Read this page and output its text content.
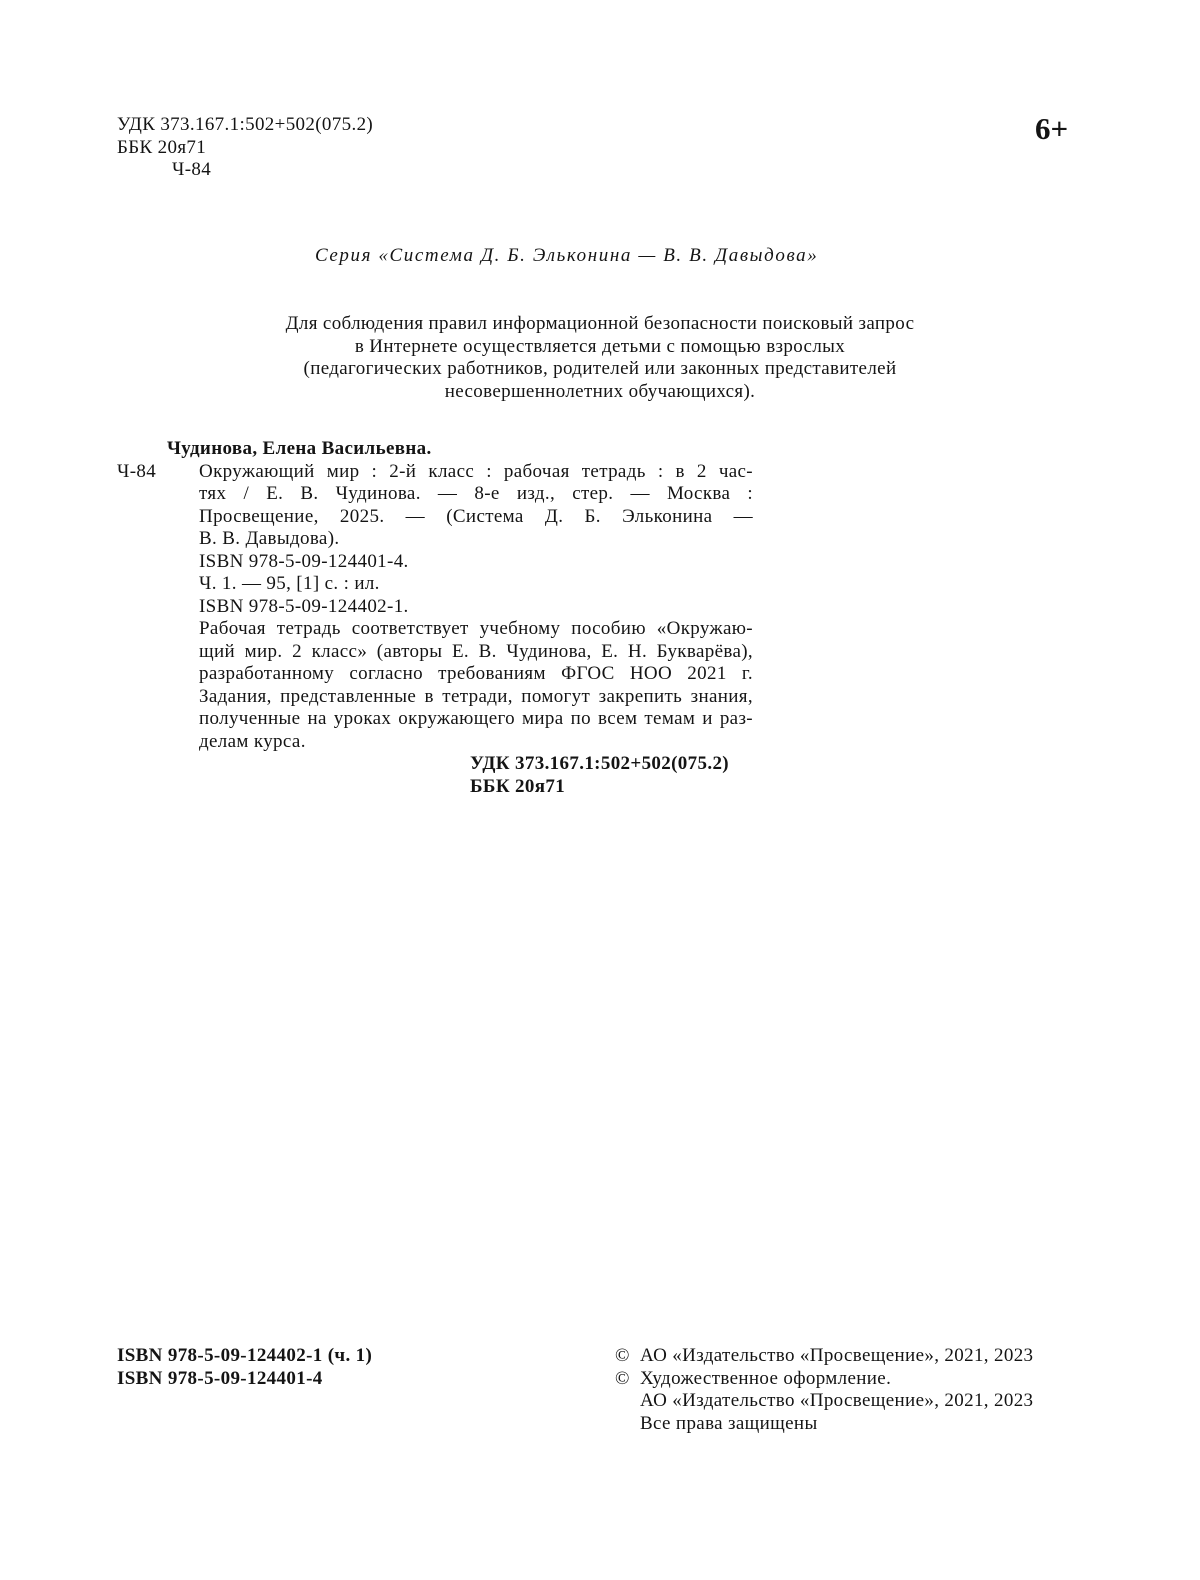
УДК 373.167.1:502+502(075.2)
ББК 20я71
Ч-84
6+
Серия «Система Д. Б. Эльконина — В. В. Давыдова»
Для соблюдения правил информационной безопасности поисковый запрос
в Интернете осуществляется детьми с помощью взрослых
(педагогических работников, родителей или законных представителей
несовершеннолетних обучающихся).
Чудинова, Елена Васильевна.
Ч-84	Окружающий мир : 2-й класс : рабочая тетрадь : в 2 час-
тях / Е. В. Чудинова. — 8-е изд., стер. — Москва :
Просвещение, 2025. — (Система Д. Б. Эльконина —
В. В. Давыдова).
ISBN 978-5-09-124401-4.
Ч. 1. — 95, [1] с. : ил.
ISBN 978-5-09-124402-1.
Рабочая тетрадь соответствует учебному пособию «Окружаю-
щий мир. 2 класс» (авторы Е. В. Чудинова, Е. Н. Букварёва),
разработанному согласно требованиям ФГОС НОО 2021 г.
Задания, представленные в тетради, помогут закрепить знания,
полученные на уроках окружающего мира по всем темам и раз-
делам курса.
УДК 373.167.1:502+502(075.2)
ББК 20я71
ISBN 978-5-09-124402-1 (ч. 1)
ISBN 978-5-09-124401-4
© АО «Издательство «Просвещение», 2021, 2023
© Художественное оформление.
АО «Издательство «Просвещение», 2021, 2023
Все права защищены
